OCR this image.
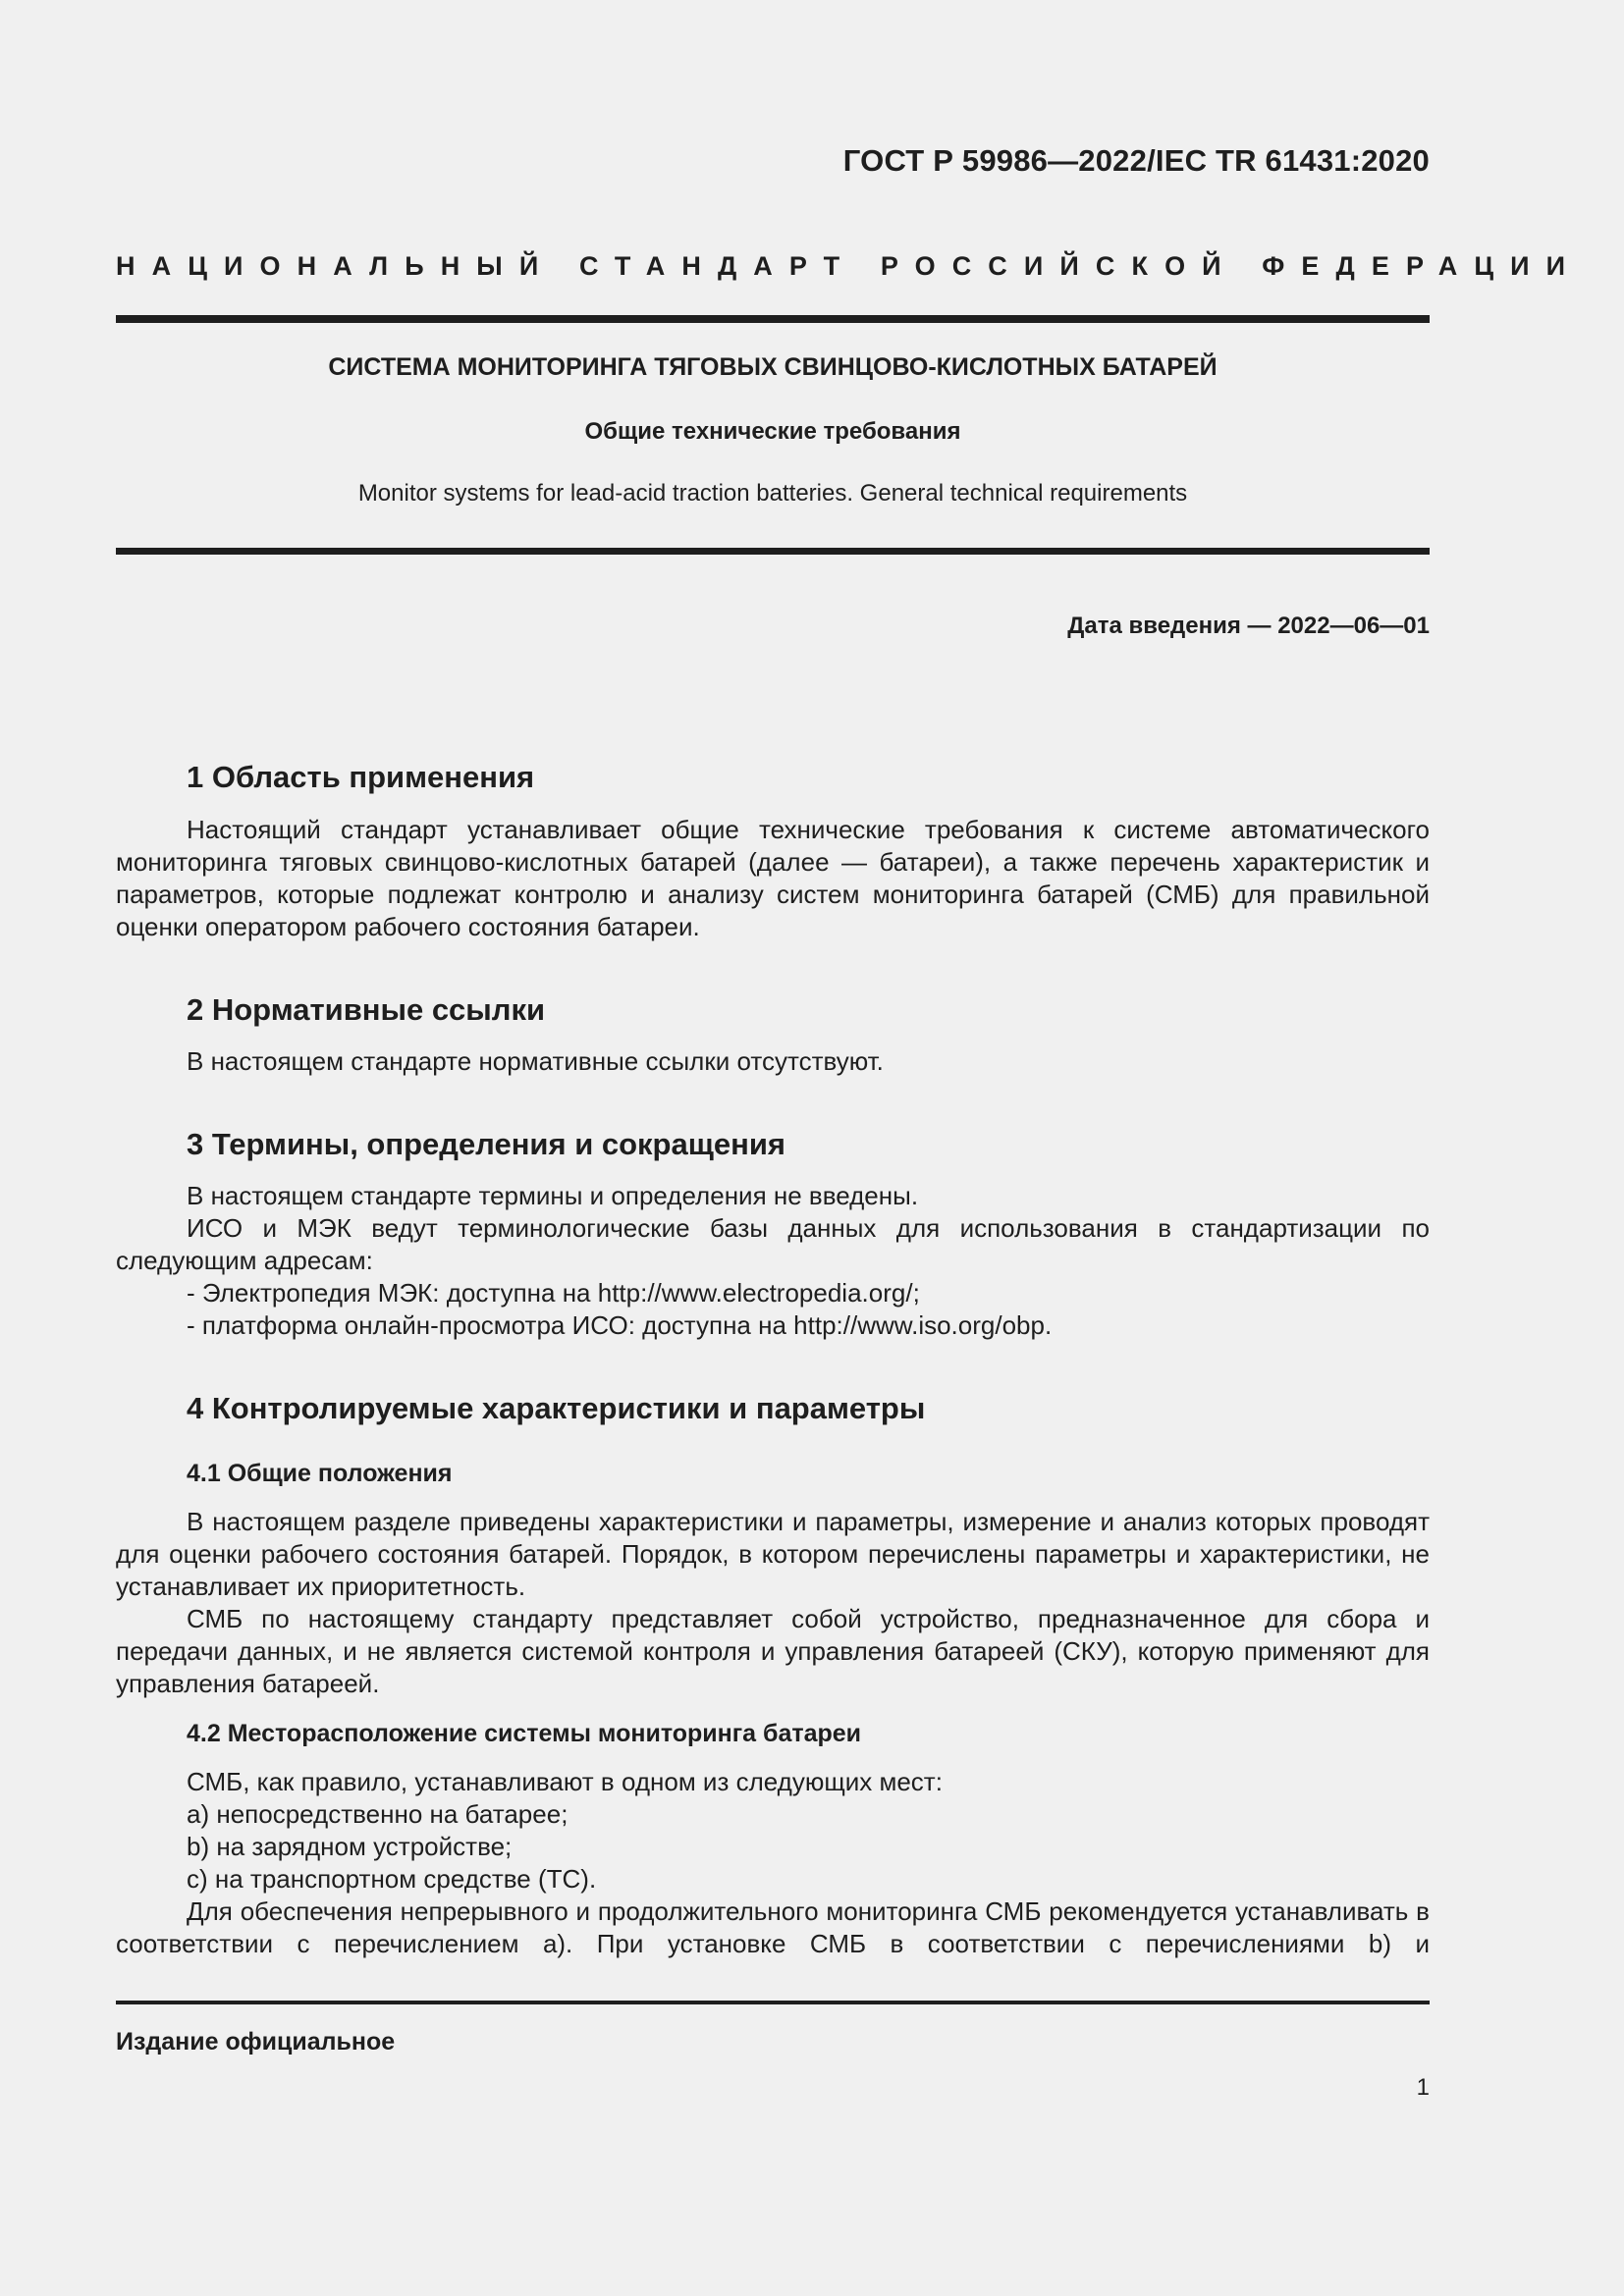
ГОСТ Р 59986—2022/IEC TR 61431:2020
НАЦИОНАЛЬНЫЙ СТАНДАРТ РОССИЙСКОЙ ФЕДЕРАЦИИ
СИСТЕМА МОНИТОРИНГА ТЯГОВЫХ СВИНЦОВО-КИСЛОТНЫХ БАТАРЕЙ
Общие технические требования
Monitor systems for lead-acid traction batteries. General technical requirements
Дата введения — 2022—06—01
1 Область применения

Настоящий стандарт устанавливает общие технические требования к системе автоматического мониторинга тяговых свинцово-кислотных батарей (далее — батареи), а также перечень характеристик и параметров, которые подлежат контролю и анализу систем мониторинга батарей (СМБ) для правильной оценки оператором рабочего состояния батареи.

2 Нормативные ссылки

В настоящем стандарте нормативные ссылки отсутствуют.

3 Термины, определения и сокращения

В настоящем стандарте термины и определения не введены.

ИСО и МЭК ведут терминологические базы данных для использования в стандартизации по следующим адресам:

- Электропедия МЭК: доступна на http://www.electropedia.org/;
- платформа онлайн-просмотра ИСО: доступна на http://www.iso.org/obp.
4 Контролируемые характеристики и параметры
4.1 Общие положения

В настоящем разделе приведены характеристики и параметры, измерение и анализ которых проводят для оценки рабочего состояния батарей. Порядок, в котором перечислены параметры и характеристики, не устанавливает их приоритетность.

СМБ по настоящему стандарту представляет собой устройство, предназначенное для сбора и передачи данных, и не является системой контроля и управления батареей (СКУ), которую применяют для управления батареей.

4.2 Месторасположение системы мониторинга батареи
СМБ, как правило, устанавливают в одном из следующих мест:
a) непосредственно на батарее;
b) на зарядном устройстве;
c) на транспортном средстве (ТС).

Для обеспечения непрерывного и продолжительного мониторинга СМБ рекомендуется устанавливать в соответствии с перечислением a). При установке СМБ в соответствии с перечислениями b) и

Издание официальное
1
